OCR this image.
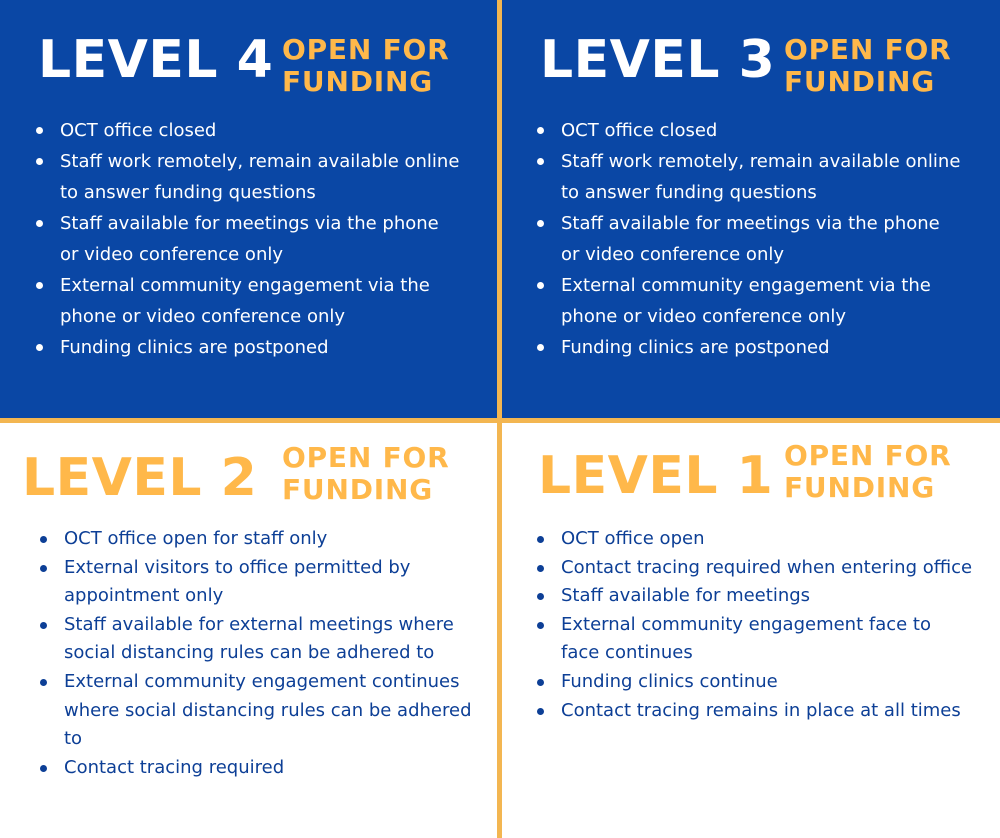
LEVEL 4 OPEN FOR
FUNDING
OCT office closed
Staff work remotely, remain available online to answer funding questions
Staff available for meetings via the phone or video conference only
External community engagement via the phone or video conference only
Funding clinics are postponed
LEVEL 3 OPEN FOR
FUNDING
OCT office closed
Staff work remotely, remain available online to answer funding questions
Staff available for meetings via the phone or video conference only
External community engagement via the phone or video conference only
Funding clinics are postponed
LEVEL 2 OPEN FOR
FUNDING
OCT office open for staff only
External visitors to office permitted by appointment only
Staff available for external meetings where social distancing rules can be adhered to
External community engagement continues where social distancing rules can be adhered to
Contact tracing required
LEVEL 1 OPEN FOR
FUNDING
OCT office open
Contact tracing required when entering office
Staff available for meetings
External community engagement face to face continues
Funding clinics continue
Contact tracing remains in place at all times
